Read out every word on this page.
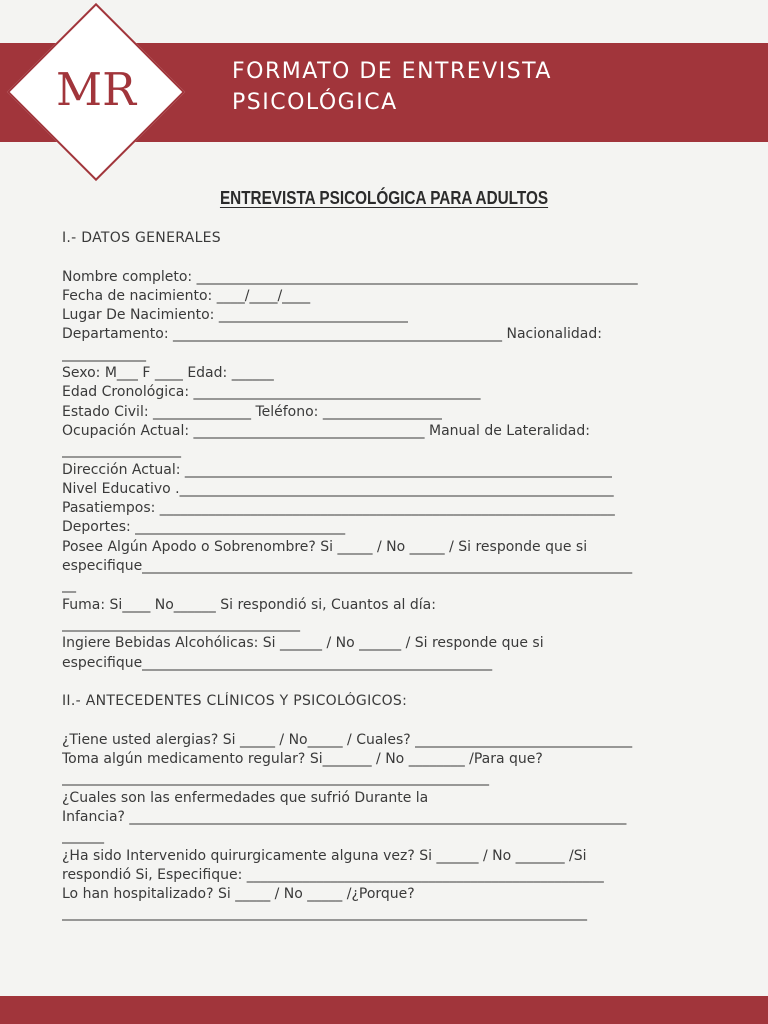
MR	FORMATO DE ENTREVISTA
PSICOLÓGICA
ENTREVISTA PSICOLÓGICA PARA ADULTOS
I.- DATOS GENERALES
Nombre completo: _______________________________________________________________
Fecha de nacimiento: ____/____/____
Lugar De Nacimiento: ___________________________
Departamento: _______________________________________________ Nacionalidad:
____________
Sexo: M___ F ____ Edad: ______
Edad Cronológica: _________________________________________
Estado Civil: ______________ Teléfono: _________________
Ocupación Actual: _________________________________ Manual de Lateralidad:
_________________
Dirección Actual: _____________________________________________________________
Nivel Educativo .______________________________________________________________
Pasatiempos: _________________________________________________________________
Deportes: ______________________________
Posee Algún Apodo o Sobrenombre? Si _____ / No _____ / Si responde que si
especifique______________________________________________________________________
__
Fuma: Si____ No______ Si respondió si, Cuantos al día:
__________________________________
Ingiere Bebidas Alcohólicas: Si ______ / No ______ / Si responde que si
especifique__________________________________________________
II.- ANTECEDENTES CLÍNICOS Y PSICOLÓGICOS:
¿Tiene usted alergias? Si _____ / No_____ / Cuales? _______________________________
Toma algún medicamento regular? Si_______ / No ________ /Para que?
_____________________________________________________________
¿Cuales son las enfermedades que sufrió Durante la
Infancia? _______________________________________________________________________
______
¿Ha sido Intervenido quirurgicamente alguna vez? Si ______ / No _______ /Si
respondió Si, Especifique: ___________________________________________________
Lo han hospitalizado? Si _____ / No _____ /¿Porque?
___________________________________________________________________________
